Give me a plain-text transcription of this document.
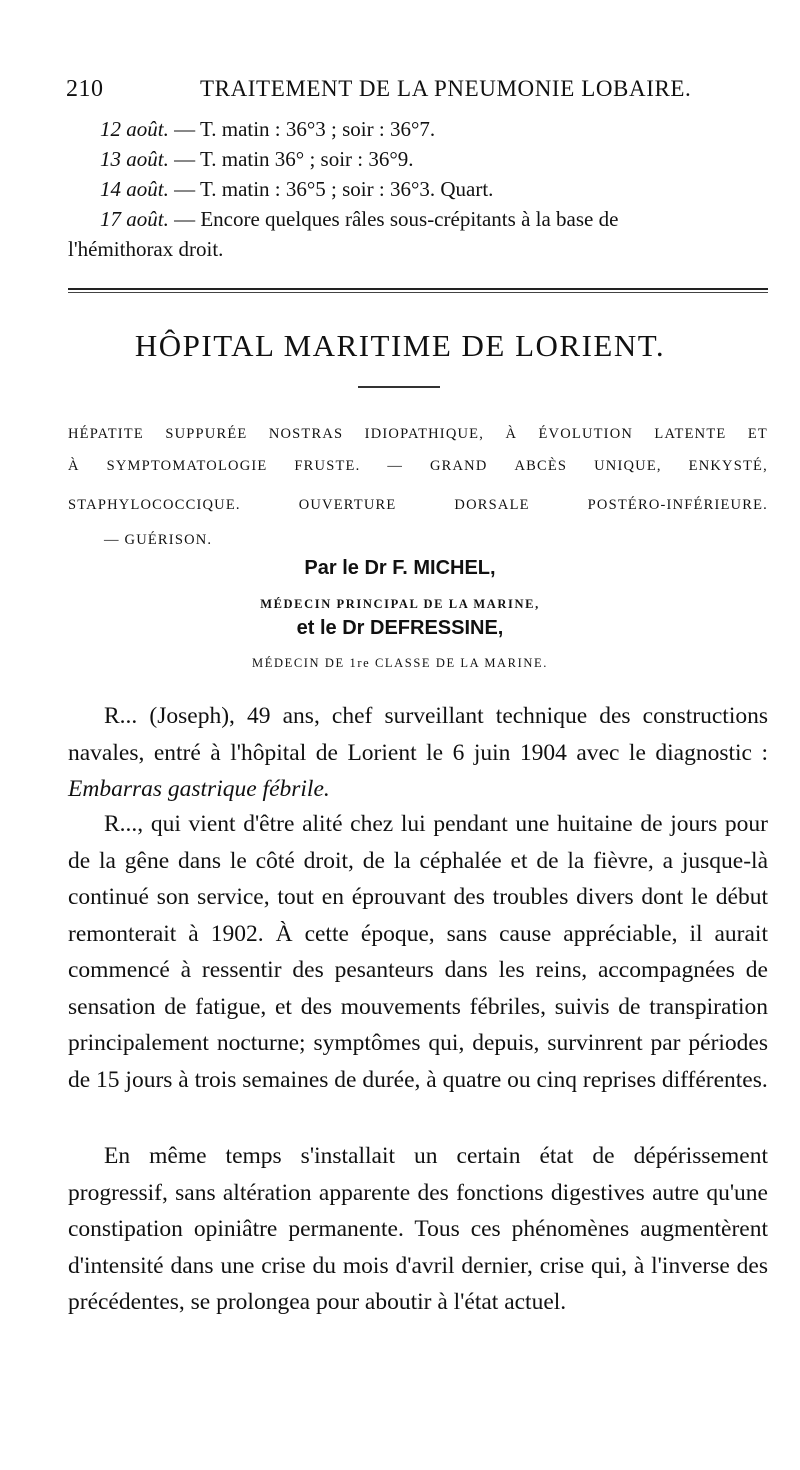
210	TRAITEMENT DE LA PNEUMONIE LOBAIRE.
12 août. — T. matin : 36°3 ; soir : 36°7.
13 août. — T. matin 36° ; soir : 36°9.
14 août. — T. matin : 36°5 ; soir : 36°3. Quart.
17 août. — Encore quelques râles sous-crépitants à la base de
l'hémithorax droit.
HÔPITAL MARITIME DE LORIENT.
HÉPATITE SUPPURÉE NOSTRAS IDIOPATHIQUE, À ÉVOLUTION LATENTE ET
À SYMPTOMATOLOGIE FRUSTE. — GRAND ABCÈS UNIQUE, ENKYSTÉ,
STAPHYLOCOCCIQUE.	OUVERTURE	DORSALE	POSTÉRO-INFÉRIEURE.
— GUÉRISON.
Par le Dr F. MICHEL,
MÉDECIN PRINCIPAL DE LA MARINE,
et le Dr DEFRESSINE,
MÉDECIN DE 1re CLASSE DE LA MARINE.

R... (Joseph), 49 ans, chef surveillant technique des constructions navales, entré à l'hôpital de Lorient le 6 juin 1904 avec le diagnostic : Embarras gastrique fébrile.

R..., qui vient d'être alité chez lui pendant une huitaine de jours pour de la gêne dans le côté droit, de la céphalée et de la fièvre, a jusque-là continué son service, tout en éprouvant des troubles divers dont le début remonterait à 1902. À cette époque, sans cause appréciable, il aurait commencé à ressentir des pesanteurs dans les reins, accompagnées de sensation de fatigue, et des mouvements fébriles, suivis de transpiration principalement nocturne; symptômes qui, depuis, survinrent par périodes de 15 jours à trois semaines de durée, à quatre ou cinq reprises différentes.

En même temps s'installait un certain état de dépérissement progressif, sans altération apparente des fonctions digestives autre qu'une constipation opiniâtre permanente. Tous ces phénomènes augmentèrent d'intensité dans une crise du mois d'avril dernier, crise qui, à l'inverse des précédentes, se prolongea pour aboutir à l'état actuel.
